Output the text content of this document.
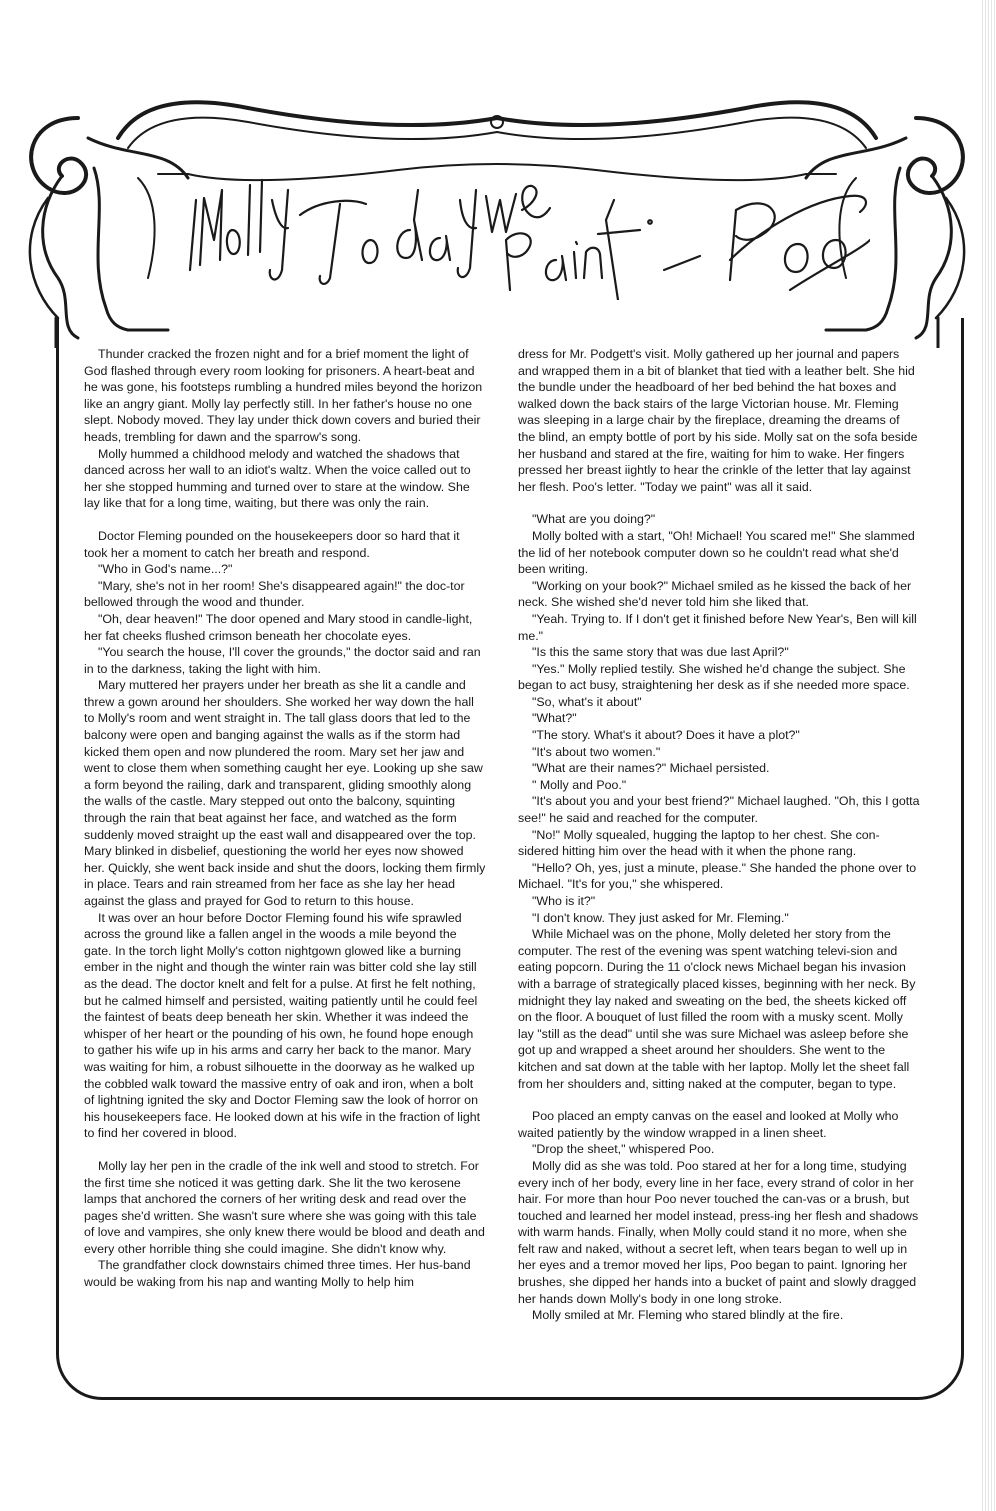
Molly Today we paint - Poo

Thunder cracked the frozen night and for a brief moment the light of God flashed through every room looking for prisoners. A heart-beat and he was gone, his footsteps rumbling a hundred miles beyond the horizon like an angry giant. Molly lay perfectly still. In her father's house no one slept. Nobody moved. They lay under thick down covers and buried their heads, trembling for dawn and the sparrow's song.

Molly hummed a childhood melody and watched the shadows that danced across her wall to an idiot's waltz. When the voice called out to her she stopped humming and turned over to stare at the window. She lay like that for a long time, waiting, but there was only the rain.

Doctor Fleming pounded on the housekeepers door so hard that it took her a moment to catch her breath and respond.

"Who in God's name...?"

"Mary, she's not in her room! She's disappeared again!" the doc-tor bellowed through the wood and thunder.

"Oh, dear heaven!" The door opened and Mary stood in candle-light, her fat cheeks flushed crimson beneath her chocolate eyes.

"You search the house, I'll cover the grounds," the doctor said and ran in to the darkness, taking the light with him.

Mary muttered her prayers under her breath as she lit a candle and threw a gown around her shoulders. She worked her way down the hall to Molly's room and went straight in. The tall glass doors that led to the balcony were open and banging against the walls as if the storm had kicked them open and now plundered the room. Mary set her jaw and went to close them when something caught her eye. Looking up she saw a form beyond the railing, dark and transparent, gliding smoothly along the walls of the castle. Mary stepped out onto the balcony, squinting through the rain that beat against her face, and watched as the form suddenly moved straight up the east wall and disappeared over the top. Mary blinked in disbelief, questioning the world her eyes now showed her. Quickly, she went back inside and shut the doors, locking them firmly in place. Tears and rain streamed from her face as she lay her head against the glass and prayed for God to return to this house.

It was over an hour before Doctor Fleming found his wife sprawled across the ground like a fallen angel in the woods a mile beyond the gate. In the torch light Molly's cotton nightgown glowed like a burning ember in the night and though the winter rain was bitter cold she lay still as the dead. The doctor knelt and felt for a pulse. At first he felt nothing, but he calmed himself and persisted, waiting patiently until he could feel the faintest of beats deep beneath her skin. Whether it was indeed the whisper of her heart or the pounding of his own, he found hope enough to gather his wife up in his arms and carry her back to the manor. Mary was waiting for him, a robust silhouette in the doorway as he walked up the cobbled walk toward the massive entry of oak and iron, when a bolt of lightning ignited the sky and Doctor Fleming saw the look of horror on his housekeepers face. He looked down at his wife in the fraction of light to find her covered in blood.

Molly lay her pen in the cradle of the ink well and stood to stretch. For the first time she noticed it was getting dark. She lit the two kerosene lamps that anchored the corners of her writing desk and read over the pages she'd written. She wasn't sure where she was going with this tale of love and vampires, she only knew there would be blood and death and every other horrible thing she could imagine. She didn't know why.

The grandfather clock downstairs chimed three times. Her hus-band would be waking from his nap and wanting Molly to help him

dress for Mr. Podgett's visit. Molly gathered up her journal and papers and wrapped them in a bit of blanket that tied with a leather belt. She hid the bundle under the headboard of her bed behind the hat boxes and walked down the back stairs of the large Victorian house. Mr. Fleming was sleeping in a large chair by the fireplace, dreaming the dreams of the blind, an empty bottle of port by his side. Molly sat on the sofa beside her husband and stared at the fire, waiting for him to wake. Her fingers pressed her breast iightly to hear the crinkle of the letter that lay against her flesh. Poo's letter. "Today we paint" was all it said.

"What are you doing?"

Molly bolted with a start, "Oh! Michael! You scared me!" She slammed the lid of her notebook computer down so he couldn't read what she'd been writing.

"Working on your book?" Michael smiled as he kissed the back of her neck. She wished she'd never told him she liked that.

"Yeah. Trying to. If I don't get it finished before New Year's, Ben will kill me."

"Is this the same story that was due last April?"

"Yes." Molly replied testily. She wished he'd change the subject. She began to act busy, straightening her desk as if she needed more space.

"So, what's it about"

"What?"

"The story. What's it about? Does it have a plot?"

"It's about two women."

"What are their names?" Michael persisted.

" Molly and Poo."

"It's about you and your best friend?" Michael laughed. "Oh, this I gotta see!" he said and reached for the computer.

"No!" Molly squealed, hugging the laptop to her chest. She con-sidered hitting him over the head with it when the phone rang.

"Hello? Oh, yes, just a minute, please." She handed the phone over to Michael. "It's for you," she whispered.

"Who is it?"

"I don't know. They just asked for Mr. Fleming."

While Michael was on the phone, Molly deleted her story from the computer. The rest of the evening was spent watching televi-sion and eating popcorn. During the 11 o'clock news Michael began his invasion with a barrage of strategically placed kisses, beginning with her neck. By midnight they lay naked and sweating on the bed, the sheets kicked off on the floor. A bouquet of lust filled the room with a musky scent. Molly lay "still as the dead" until she was sure Michael was asleep before she got up and wrapped a sheet around her shoulders. She went to the kitchen and sat down at the table with her laptop. Molly let the sheet fall from her shoulders and, sitting naked at the computer, began to type.

Poo placed an empty canvas on the easel and looked at Molly who waited patiently by the window wrapped in a linen sheet.

"Drop the sheet," whispered Poo.

Molly did as she was told. Poo stared at her for a long time, studying every inch of her body, every line in her face, every strand of color in her hair. For more than hour Poo never touched the can-vas or a brush, but touched and learned her model instead, press-ing her flesh and shadows with warm hands. Finally, when Molly could stand it no more, when she felt raw and naked, without a secret left, when tears began to well up in her eyes and a tremor moved her lips, Poo began to paint. Ignoring her brushes, she dipped her hands into a bucket of paint and slowly dragged her hands down Molly's body in one long stroke.

Molly smiled at Mr. Fleming who stared blindly at the fire.
